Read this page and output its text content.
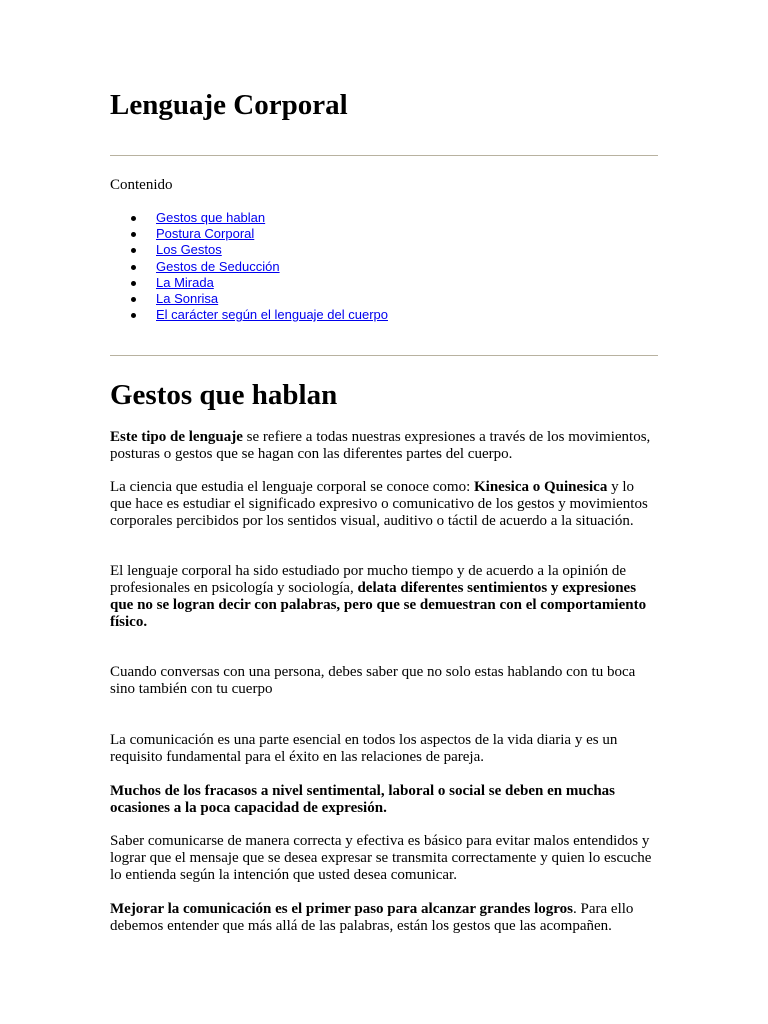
Lenguaje Corporal
Contenido
Gestos que hablan
Postura Corporal
Los Gestos
Gestos de Seducción
La Mirada
La Sonrisa
El carácter según el lenguaje del cuerpo
Gestos que hablan

Este tipo de lenguaje se refiere a todas nuestras expresiones a través de los movimientos, posturas o gestos que se hagan con las diferentes partes del cuerpo.

La ciencia que estudia el lenguaje corporal se conoce como: Kinesica o Quinesica y lo que hace es estudiar el significado expresivo o comunicativo de los gestos y movimientos corporales percibidos por los sentidos visual, auditivo o táctil de acuerdo a la situación.

El lenguaje corporal ha sido estudiado por mucho tiempo y de acuerdo a la opinión de profesionales en psicología y sociología, delata diferentes sentimientos y expresiones que no se logran decir con palabras, pero que se demuestran con el comportamiento físico.

Cuando conversas con una persona, debes saber que no solo estas hablando con tu boca sino también con tu cuerpo

La comunicación es una parte esencial en todos los aspectos de la vida diaria y es un requisito fundamental para el éxito en las relaciones de pareja.

Muchos de los fracasos a nivel sentimental, laboral o social se deben en muchas ocasiones a la poca capacidad de expresión.

Saber comunicarse de manera correcta y efectiva es básico para evitar malos entendidos y lograr que el mensaje que se desea expresar se transmita correctamente y quien lo escuche lo entienda según la intención que usted desea comunicar.

Mejorar la comunicación es el primer paso para alcanzar grandes logros. Para ello debemos entender que más allá de las palabras, están los gestos que las acompañen.
